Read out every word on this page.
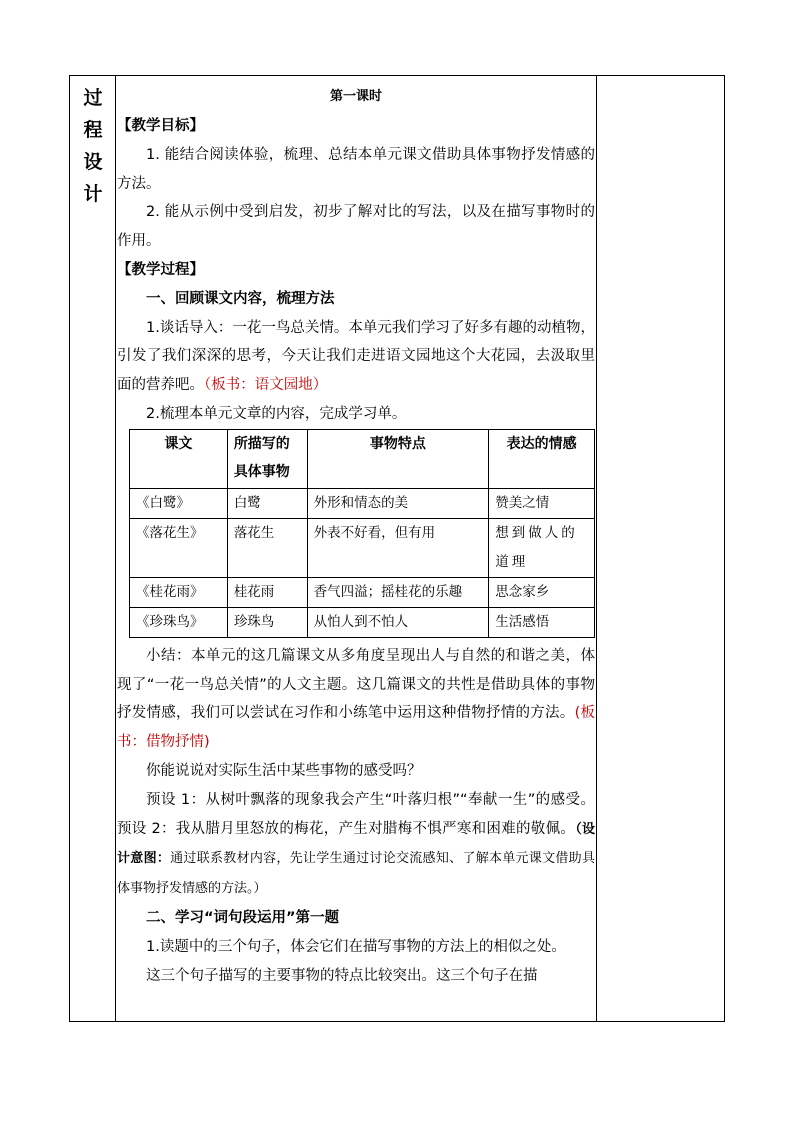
过
程
设
计

第一课时

【教学目标】

1. 能结合阅读体验，梳理、总结本单元课文借助具体事物抒发情感的方法。

2. 能从示例中受到启发，初步了解对比的写法，以及在描写事物时的作用。

【教学过程】

一、回顾课文内容，梳理方法

1.谈话导入：一花一鸟总关情。本单元我们学习了好多有趣的动植物，引发了我们深深的思考，今天让我们走进语文园地这个大花园，去汲取里面的营养吧。（板书：语文园地）

2.梳理本单元文章的内容，完成学习单。

课文	所描写的具体事物	事物特点	表达的情感
《白鹭》	白鹭	外形和情态的美	赞美之情
《落花生》	落花生	外表不好看，但有用	想到做人的道理
《桂花雨》	桂花雨	香气四溢；摇桂花的乐趣	思念家乡
《珍珠鸟》	珍珠鸟	从怕人到不怕人	生活感悟

小结：本单元的这几篇课文从多角度呈现出人与自然的和谐之美，体现了“一花一鸟总关情”的人文主题。这几篇课文的共性是借助具体的事物抒发情感，我们可以尝试在习作和小练笔中运用这种借物抒情的方法。(板书：借物抒情)

你能说说对实际生活中某些事物的感受吗？

预设 1：从树叶飘落的现象我会产生“叶落归根”“奉献一生”的感受。预设 2：我从腊月里怒放的梅花，产生对腊梅不惧严寒和困难的敬佩。（设计意图：通过联系教材内容，先让学生通过讨论交流感知、了解本单元课文借助具体事物抒发情感的方法。）

二、学习“词句段运用”第一题

1.读题中的三个句子，体会它们在描写事物的方法上的相似之处。

这三个句子描写的主要事物的特点比较突出。这三个句子在描
